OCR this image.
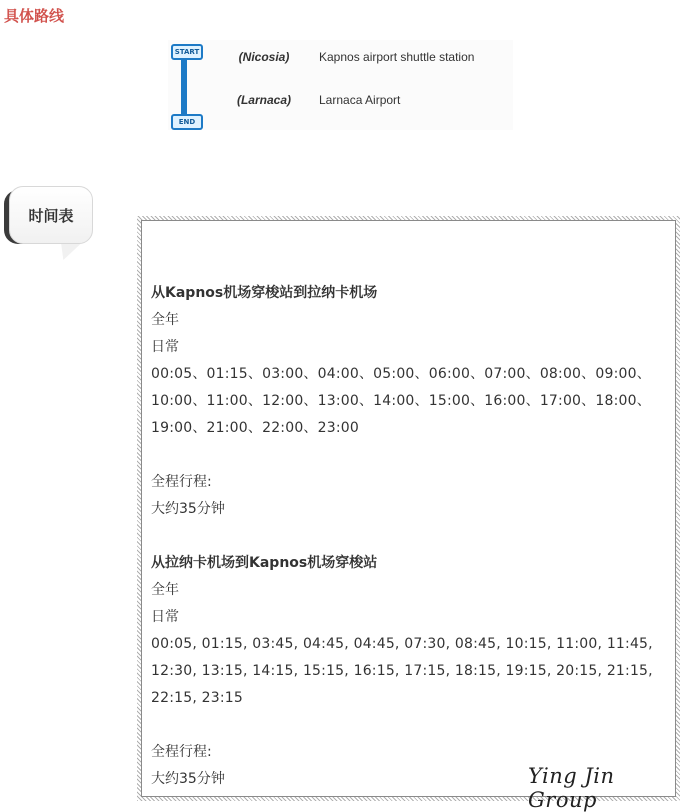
具体路线
START
END
(Nicosia)	Kapnos airport shuttle station
(Larnaca)	Larnaca Airport
时间表
从Kapnos机场穿梭站到拉纳卡机场
全年
日常
00:05、01:15、03:00、04:00、05:00、06:00、07:00、08:00、09:00、10:00、11:00、12:00、13:00、14:00、15:00、16:00、17:00、18:00、19:00、21:00、22:00、23:00
全程行程:
大约35分钟
从拉纳卡机场到Kapnos机场穿梭站
全年
日常
00:05, 01:15, 03:45, 04:45, 04:45, 07:30, 08:45, 10:15, 11:00, 11:45, 12:30, 13:15, 14:15, 15:15, 16:15, 17:15, 18:15, 19:15, 20:15, 21:15, 22:15, 23:15
全程行程:
大约35分钟	Ying Jin Group
